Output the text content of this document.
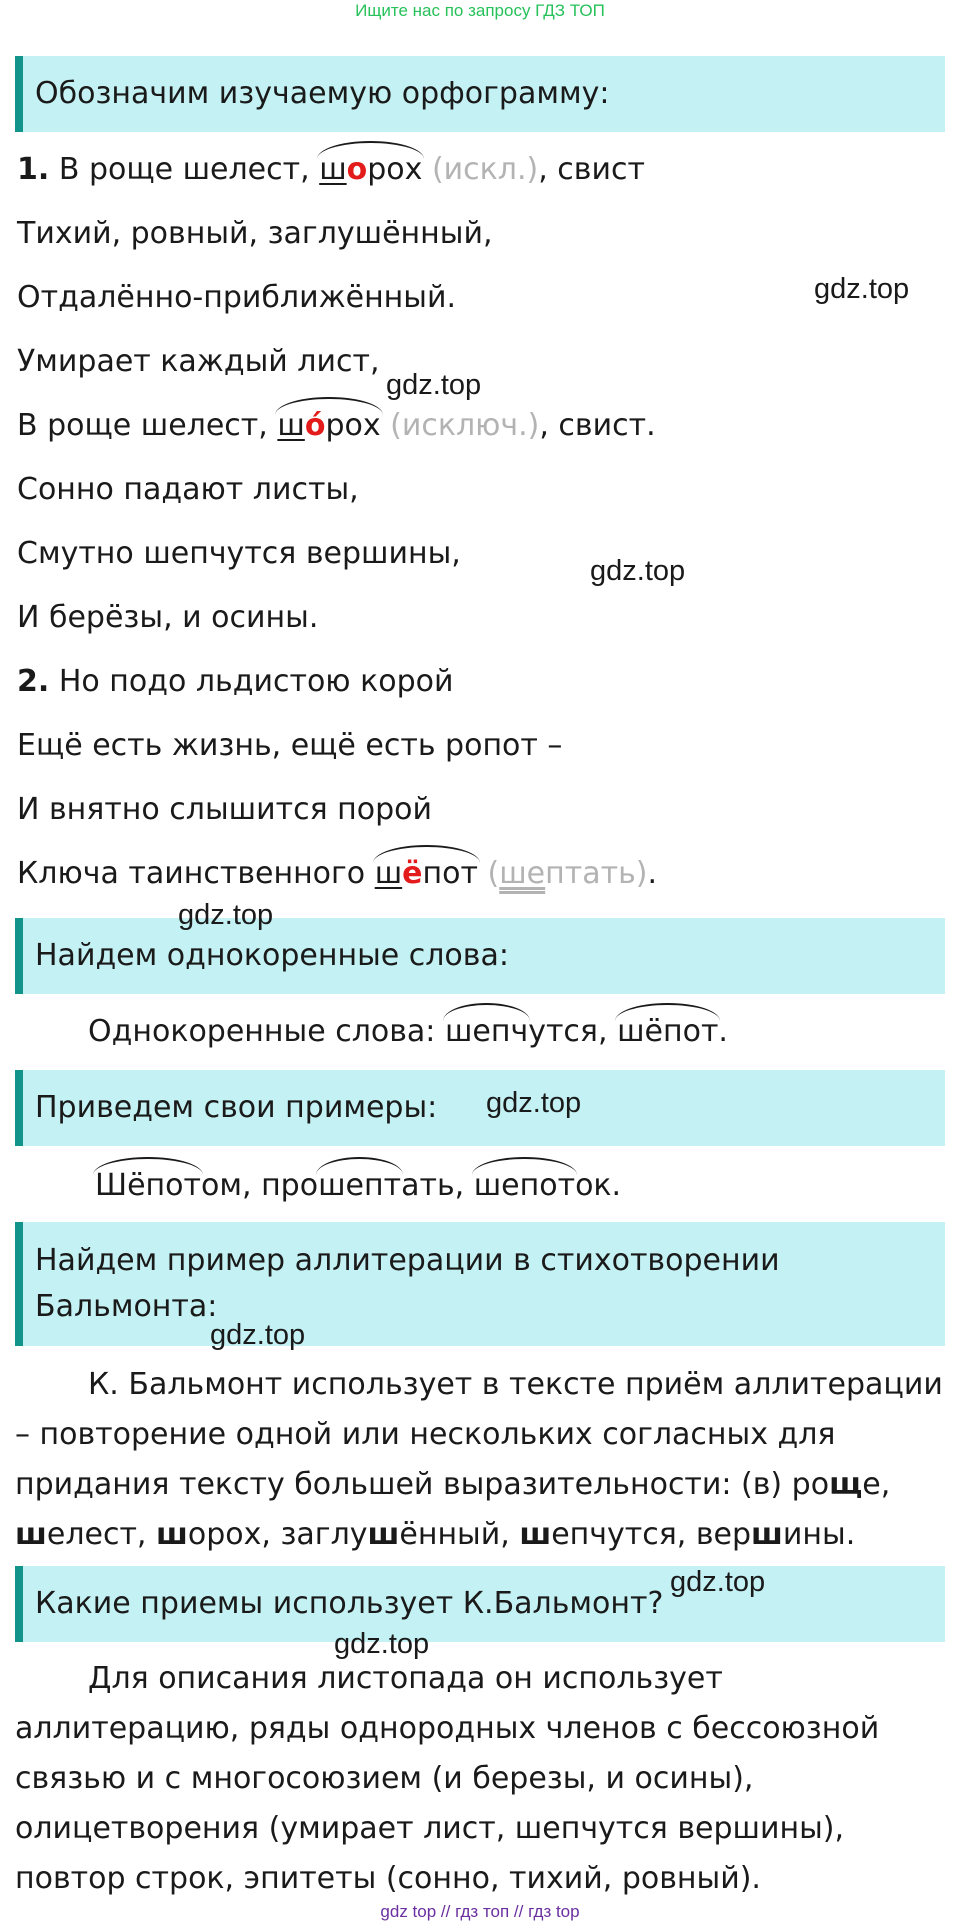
Ищите нас по запросу ГДЗ ТОП
Обозначим изучаемую орфограмму:
1. В роще шелест, шорох (искл.), свист
Тихий, ровный, заглушённый,
Отдалённо-приближённый.
Умирает каждый лист,
В роще шелест, шо́рох (исключ.), свист.
Сонно падают листы,
Смутно шепчутся вершины,
И берёзы, и осины.
2. Но подо льдистою корой
Ещё есть жизнь, ещё есть ропот –
И внятно слышится порой
Ключа таинственного шёпот (шептать).
Найдем однокоренные слова:
Однокоренные слова: шепчутся, шёпот.
Приведем свои примеры:
Шёпотом, про
шептать, шепоток.
Найдем пример аллитерации в стихотворении Бальмонта:
К. Бальмонт использует в тексте приём аллитерации – повторение одной или нескольких согласных для придания тексту большей выразительности: (в) роще, шелест, шорох, заглушённый, шепчутся, вершины.
Какие приемы использует К.Бальмонт?
Для описания листопада он использует аллитерацию, ряды однородных членов с бессоюзной связью и с многосоюзием (и березы, и осины), олицетворения (умирает лист, шепчутся вершины), повтор строк, эпитеты (сонно, тихий, ровный).
gdz.top
gdz.top
gdz.top
gdz.top
gdz.top
gdz.top
gdz.top
gdz.top
gdz top // гдз топ // гдз top
